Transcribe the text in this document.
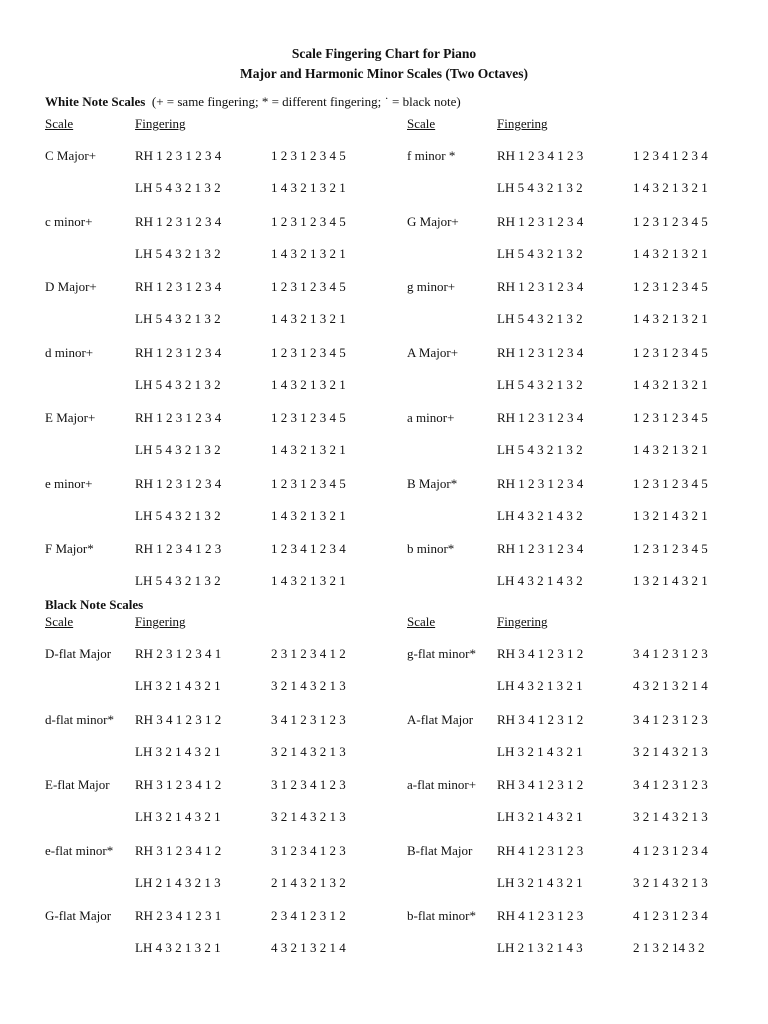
Scale Fingering Chart for Piano
Major and Harmonic Minor Scales (Two Octaves)
White Note Scales (+ = same fingering; * = different fingering; ˙ = black note)
Scale	Fingering	Scale	Fingering
C Major+	RH 1 2 3 1 2 3 4	1 2 3 1 2 3 4 5
LH 5 4 3 2 1 3 2	1 4 3 2 1 3 2 1
c minor+	RH 1 2 3 1 2 3 4	1 2 3 1 2 3 4 5
LH 5 4 3 2 1 3 2	1 4 3 2 1 3 2 1
D Major+	RH 1 2 3 1 2 3 4	1 2 3 1 2 3 4 5
LH 5 4 3 2 1 3 2	1 4 3 2 1 3 2 1
d minor+	RH 1 2 3 1 2 3 4	1 2 3 1 2 3 4 5
LH 5 4 3 2 1 3 2	1 4 3 2 1 3 2 1
E Major+	RH 1 2 3 1 2 3 4	1 2 3 1 2 3 4 5
LH 5 4 3 2 1 3 2	1 4 3 2 1 3 2 1
e minor+	RH 1 2 3 1 2 3 4	1 2 3 1 2 3 4 5
LH 5 4 3 2 1 3 2	1 4 3 2 1 3 2 1
F Major*	RH 1 2 3 4 1 2 3	1 2 3 4 1 2 3 4
LH 5 4 3 2 1 3 2	1 4 3 2 1 3 2 1
f minor *	RH 1 2 3 4 1 2 3	1 2 3 4 1 2 3 4
LH 5 4 3 2 1 3 2	1 4 3 2 1 3 2 1
G Major+	RH 1 2 3 1 2 3 4	1 2 3 1 2 3 4 5
LH 5 4 3 2 1 3 2	1 4 3 2 1 3 2 1
g minor+	RH 1 2 3 1 2 3 4	1 2 3 1 2 3 4 5
LH 5 4 3 2 1 3 2	1 4 3 2 1 3 2 1
A Major+	RH 1 2 3 1 2 3 4	1 2 3 1 2 3 4 5
LH 5 4 3 2 1 3 2	1 4 3 2 1 3 2 1
a minor+	RH 1 2 3 1 2 3 4	1 2 3 1 2 3 4 5
LH 5 4 3 2 1 3 2	1 4 3 2 1 3 2 1
B Major*	RH 1 2 3 1 2 3 4	1 2 3 1 2 3 4 5
LH 4 3 2 1 4 3 2	1 3 2 1 4 3 2 1
b minor*	RH 1 2 3 1 2 3 4	1 2 3 1 2 3 4 5
LH 4 3 2 1 4 3 2	1 3 2 1 4 3 2 1
Black Note Scales
Scale	Fingering	Scale	Fingering
D-flat Major RH 2 3 1 2 3 4 1	2 3 1 2 3 4 1 2
LH 3 2 1 4 3 2 1	3 2 1 4 3 2 1 3
d-flat minor* RH 3 4 1 2 3 1 2	3 4 1 2 3 1 2 3
LH 3 2 1 4 3 2 1	3 2 1 4 3 2 1 3
E-flat Major RH 3 1 2 3 4 1 2	3 1 2 3 4 1 2 3
LH 3 2 1 4 3 2 1	3 2 1 4 3 2 1 3
e-flat minor* RH 3 1 2 3 4 1 2	3 1 2 3 4 1 2 3
LH 2 1 4 3 2 1 3	2 1 4 3 2 1 3 2
G-flat Major RH 2 3 4 1 2 3 1	2 3 4 1 2 3 1 2
LH 4 3 2 1 3 2 1	4 3 2 1 3 2 1 4
g-flat minor* RH 3 4 1 2 3 1 2	3 4 1 2 3 1 2 3
LH 4 3 2 1 3 2 1	4 3 2 1 3 2 1 4
A-flat Major RH 3 4 1 2 3 1 2	3 4 1 2 3 1 2 3
LH 3 2 1 4 3 2 1	3 2 1 4 3 2 1 3
a-flat minor+ RH 3 4 1 2 3 1 2	3 4 1 2 3 1 2 3
LH 3 2 1 4 3 2 1	3 2 1 4 3 2 1 3
B-flat Major RH 4 1 2 3 1 2 3	4 1 2 3 1 2 3 4
LH 3 2 1 4 3 2 1	3 2 1 4 3 2 1 3
b-flat minor* RH 4 1 2 3 1 2 3	4 1 2 3 1 2 3 4
LH 2 1 3 2 1 4 3	2 1 3 2 14 3 2
